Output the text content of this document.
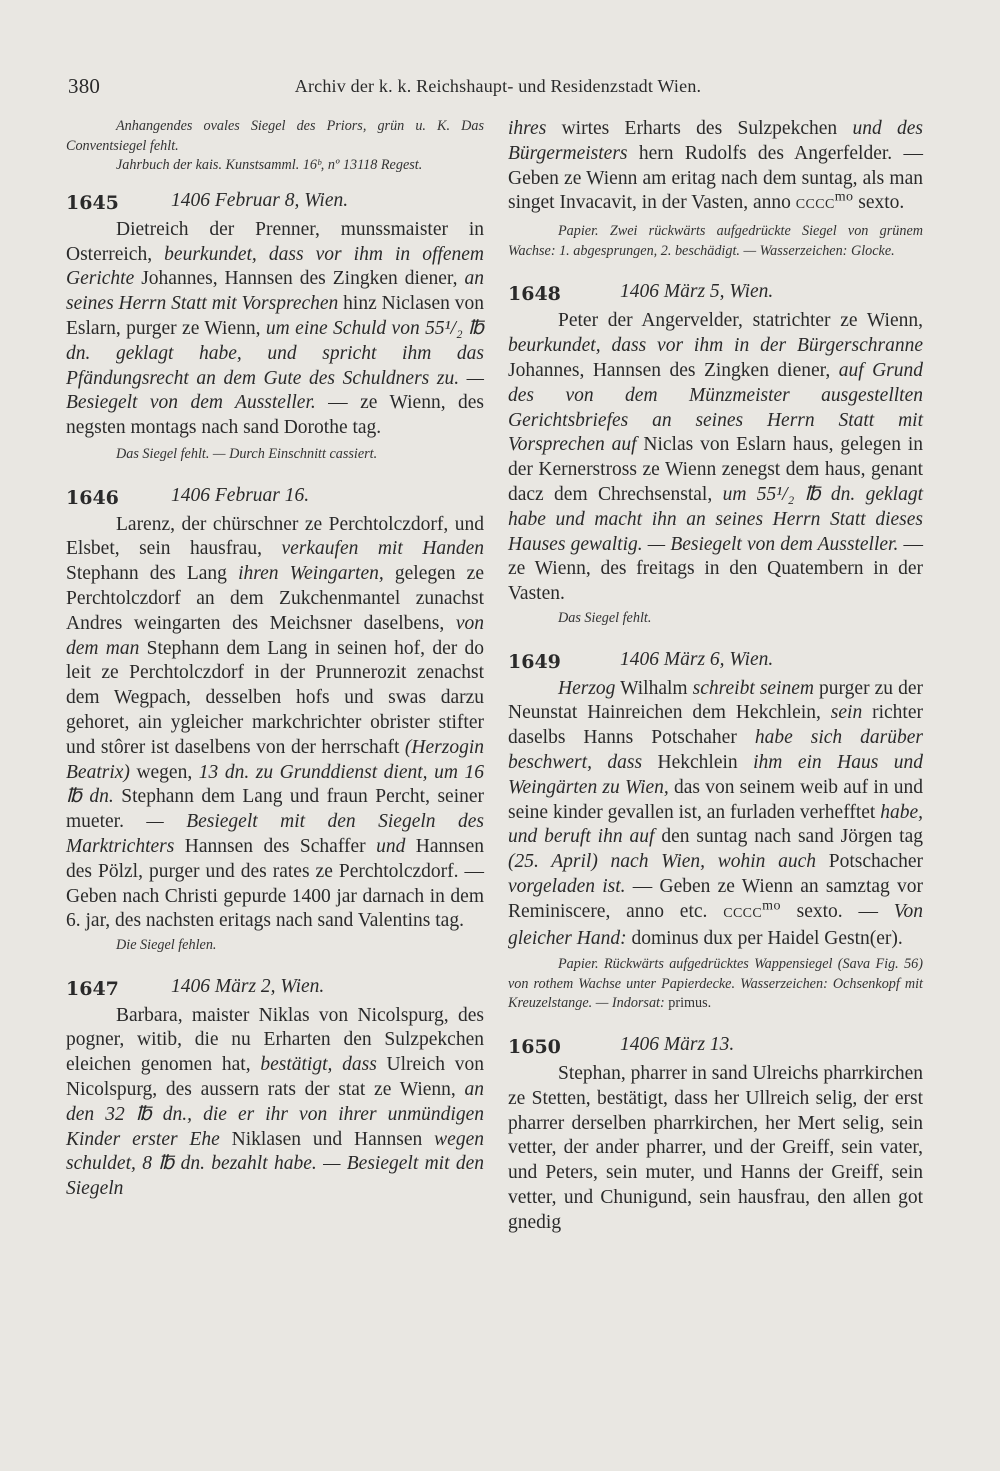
380	Archiv der k. k. Reichshaupt- und Residenzstadt Wien.

Anhangendes ovales Siegel des Priors, grün u. K. Das Conventsiegel fehlt.

Jahrbuch der kais. Kunstsamml. 16ᵇ, nº 13118 Regest.

1645	1406 Februar 8, Wien.

Dietreich der Prenner, munssmaister in Osterreich, beurkundet, dass vor ihm in offenem Gerichte Johannes, Hannsen des Zingken diener, an seines Herrn Statt mit Vorsprechen hinz Niclasen von Eslarn, purger ze Wienn, um eine Schuld von 55¹/₂ ℔ dn. geklagt habe, und spricht ihm das Pfändungsrecht an dem Gute des Schuldners zu. — Besiegelt von dem Aussteller. — ze Wienn, des negsten montags nach sand Dorothe tag.

Das Siegel fehlt. — Durch Einschnitt cassiert.

1646	1406 Februar 16.

Larenz, der chürschner ze Perchtolczdorf, und Elsbet, sein hausfrau, verkaufen mit Handen Stephann des Lang ihren Weingarten, gelegen ze Perchtolczdorf an dem Zukchenmantel zunachst Andres weingarten des Meichsner daselbens, von dem man Stephann dem Lang in seinen hof, der do leit ze Perchtolczdorf in der Prunnerozit zenachst dem Wegpach, desselben hofs und swas darzu gehoret, ain ygleicher markchrichter obrister stifter und stôrer ist daselbens von der herrschaft (Herzogin Beatrix) wegen, 13 dn. zu Grunddienst dient, um 16 ℔ dn. Stephann dem Lang und fraun Percht, seiner mueter. — Besiegelt mit den Siegeln des Marktrichters Hannsen des Schaffer und Hannsen des Pölzl, purger und des rates ze Perchtolczdorf. — Geben nach Christi gepurde 1400 jar darnach in dem 6. jar, des nachsten eritags nach sand Valentins tag.

Die Siegel fehlen.

1647	1406 März 2, Wien.

Barbara, maister Niklas von Nicolspurg, des pogner, witib, die nu Erharten den Sulzpekchen eleichen genomen hat, bestätigt, dass Ulreich von Nicolspurg, des aussern rats der stat ze Wienn, an den 32 ℔ dn., die er ihr von ihrer unmündigen Kinder erster Ehe Niklasen und Hannsen wegen schuldet, 8 ℔ dn. bezahlt habe. — Besiegelt mit den Siegeln

ihres wirtes Erharts des Sulzpekchen und des Bürgermeisters hern Rudolfs des Angerfelder. — Geben ze Wienn am eritag nach dem suntag, als man singet Invacavit, in der Vasten, anno $CCCC^{mo}$ sexto.

Papier. Zwei rückwärts aufgedrückte Siegel von grünem Wachse: 1. abgesprungen, 2. beschädigt. — Wasserzeichen: Glocke.

1648	1406 März 5, Wien.

Peter der Angervelder, statrichter ze Wienn, beurkundet, dass vor ihm in der Bürgerschranne Johannes, Hannsen des Zingken diener, auf Grund des von dem Münzmeister ausgestellten Gerichtsbriefes an seines Herrn Statt mit Vorsprechen auf Niclas von Eslarn haus, gelegen in der Kernerstross ze Wienn zenegst dem haus, genant dacz dem Chrechsenstal, um 55¹/₂ ℔ dn. geklagt habe und macht ihn an seines Herrn Statt dieses Hauses gewaltig. — Besiegelt von dem Aussteller. — ze Wienn, des freitags in den Quatembern in der Vasten.

Das Siegel fehlt.

1649	1406 März 6, Wien.

Herzog Wilhalm schreibt seinem purger zu der Neunstat Hainreichen dem Hekchlein, sein richter daselbs Hanns Potschaher habe sich darüber beschwert, dass Hekchlein ihm ein Haus und Weingärten zu Wien, das von seinem weib auf in und seine kinder gevallen ist, an furladen verhefftet habe, und beruft ihn auf den suntag nach sand Jörgen tag (25. April) nach Wien, wohin auch Potschacher vorgeladen ist. — Geben ze Wienn an samztag vor Reminiscere, anno etc. $CCCC^{mo}$ sexto. — Von gleicher Hand: dominus dux per Haidel Gestn(er).

Papier. Rückwärts aufgedrücktes Wappensiegel (Sava Fig. 56) von rothem Wachse unter Papierdecke. Wasserzeichen: Ochsenkopf mit Kreuzelstange. — Indorsat: primus.

1650	1406 März 13.

Stephan, pharrer in sand Ulreichs pharrkirchen ze Stetten, bestätigt, dass her Ullreich selig, der erst pharrer derselben pharrkirchen, her Mert selig, sein vetter, der ander pharrer, und der Greiff, sein vater, und Peters, sein muter, und Hanns der Greiff, sein vetter, und Chunigund, sein hausfrau, den allen got gnedig
